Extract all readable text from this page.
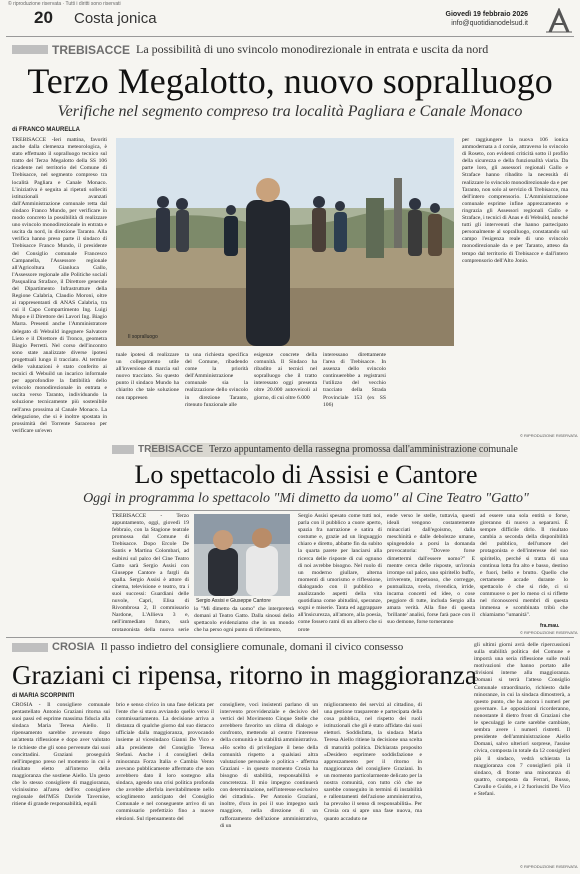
© riproduzione riservata · Tutti i diritti sono riservati
20 Costa jonica	Giovedì 19 febbraio 2026
info@quotidianodelsud.it
TREBISACCE La possibilità di uno svincolo monodirezionale in entrata e uscita da nord
Terzo Megalotto, nuovo sopralluogo
Verifiche nel segmento compreso tra località Pagliara e Canale Monaco
di FRANCO MAURELLA
TREBISACCE -Ieri mattina, favoriti anche dalla clemenza meteorologica, è stato effettuato il sopralluogo tecnico sul tratto del Terzo Megalotto della SS 106 ricadente nel territorio del Comune di Trebisacce, nel segmento compreso tra località Pagliara e Canale Monaco. L'iniziativa è seguita ai ripetuti solleciti istituzionali avanzati dall'Amministrazione comunale retta dal sindaco Franco Mundo, per verificare in modo concreto la possibilità di realizzare uno svincolo monodirezionale in entrata e uscita da nord, in direzione Taranto. Alla verifica hanno preso parte il sindaco di Trebisacce Franco Mundo, il presidente del Consiglio comunale Francesco Campanella, l'Assessore regionale all'Agricoltura Gianluca Gallo, l'Assessore regionale alle Politiche sociali Pasqualina Straface, il Direttore generale del Dipartimento Infrastrutture della Regione Calabria, Claudio Moroni, oltre ai rappresentanti di ANAS Calabria, tra cui il Capo Compartimento Ing. Luigi Mupo e il Direttore dei Lavori Ing. Biagio Marra. Presenti anche l'Amministratore delegato di Webuild ingegnere Salvatore Lieto e il Direttore di Tronco, geometra Biagio Perretti. Nel corso dell'incontro sono state analizzate diverse ipotesi progettuali lungo il tracciato. Al termine delle valutazioni è stato conferito ai tecnici di Webuild un incarico informale per approfondire la fattibilità dello svincolo monodirezionale in entrata e uscita verso Taranto, individuando la soluzione tecnicamente più sostenibile nell'area prossima al Canale Monaco. La delegazione, che si è inoltre spostata in prossimità del Torrente Saraceno per verificare un'even
Il sopralluogo
tuale ipotesi di realizzare un collegamento utile all'inversione di marcia sul nuovo tracciato. Su questo punto il sindaco Mundo ha chiarito che tale soluzione non rappresen
ta una richiesta specifica del Comune, ribadendo come la priorità dell'Amministrazione comunale sia la realizzazione dello svincolo in direzione Taranto, ritenuto funzionale alle
esigenze concrete della comunità. Il Sindaco ha ribadito ai tecnici nel sopralluogo che il tratto interessato oggi presenta oltre 20.000 autoveicoli al giorno, di cui oltre 6.000
interessano direttamente l'area di Trebisacce. In assenza dello svincolo continuerebbe a registrarsi l'utilizzo del vecchio tracciato della Strada Provinciale 153 (ex SS 106)
per raggiungere la nuova 106 ionica ammodernata a 4 corsie, attraverso lo svincolo di Roseto, con evidenti criticità sotto il profilo della sicurezza e della funzionalità viaria. Da parte loro, gli assessori regionali Gallo e Straface hanno ribadito la necessità di realizzare lo svincolo monodirezionale da e per Taranto, non solo al servizio di Trebisacce, ma dell'intero comprensorio. L'Amministrazione comunale esprime infine apprezzamento e ringrazia gli Assessori regionali Gallo e Straface, i tecnici di Anas e di Webuild, nonché tutti gli intervenuti che hanno partecipato personalmente al sopralluogo, constatando sul campo l'esigenza reale di uno svincolo monodirezionale da e per Taranto, atteso da tempo dal territorio di Trebisacce e dall'intero comprensorio dell'Alto Jonio.
© RIPRODUZIONE RISERVATA
TREBISACCE Terzo appuntamento della rassegna promossa dall'amministrazione comunale
Lo spettacolo di Assisi e Cantore
Oggi in programma lo spettacolo "Mi dimetto da uomo" al Cine Teatro "Gatto"
TREBISACCE - Terzo appuntamento, oggi, giovedì 19 febbraio, con la Stagione teatrale promossa dal Comune di Trebisacce. Dopo Ercole De Santis e Martina Colombari, ad esibirsi sul palco del Cine Teatro Gatto sarà Sergio Assisi con Giuseppe Cantore a fargli da spalla. Sergio Assisi è attore di cinema, televisione e teatro, tra i suoi successi: Guardiani delle nuvole, Capri, Elisa di Rivombrosa 2, Il commissario Nardone, L'Allieva 3 e, nell'immediato futuro, sarà protagonista della nuova serie
Sergio Assisi e Giuseppe Cantore
lo "Mi dimetto da uomo" che interpreterà domani al Teatro Gatto. Dalla sinossi dello spettacolo evidenziamo che in un mondo che ha perso ogni punto di riferimento,
Sergio Assisi spesato come tutti noi, parla con il pubblico a cuore aperto, spazia fra narrazione e satira di costume e, grazie ad un linguaggio chiaro e diretto, abbatte fin da subito la quarta parete per lanciarsi alla ricerca delle risposte di cui ognuno di noi avrebbe bisogno. Nel ruolo di un moderno giullare, alterna momenti di umorismo e riflessione, dialogando con il pubblico e analizzando aspetti della vita quotidiana come abitudini, speranze, sogni e miserie. Tanta ed aggrappare all'insicurezza, all'amore, alla poesia, come fossero rami di un albero che si prote
ende verso le stelle, tuttavia, questi ideali vengono costantemente minacciati dall'egoismo, dalla meschinità e dalle debolezze umane, spingendolo a porsi la domanda provocatoria: "Dovere forse dimettermi dall'essere uomo?" E mentre cerca delle risposte, un'ironia irrompe sul palco, uno spiritello buffo, irriverente, impetuoso, che corregge, puntualizza, svela, rivendica, irride, incarna concetti ed idee, o cose peggiore di tutte, includa Sergio alla amara verità. Alla fine di questa 'brillante' analisi, forse farà pace con il suo demone, forse torneranno
ad essere una sola entità o forse, gireranno di nuovo a separarsi. È sempre difficile dirlo. Il risultato cambia a seconda della disponibilità del pubblico, dell'umore del protagonista e dell'interesse del suo spiritello, perché si tratta di una continua lotta fra alto e basso, destino e fuori, bello e brutto. Quello che certamente accade durante lo spettacolo è che si ride, ci si commuove o per lo meno ci si riflette nel riconoscersi membri di questa immensa e scombinata tribù che chiamiamo "umanità".
fra.mau.
© RIPRODUZIONE RISERVATA
CROSIA Il passo indietro del consigliere comunale, domani il civico consesso
Graziani ci ripensa, ritorno in maggioranza
di MARIA SCORPINITI
CROSIA - Il consigliere comunale pentastellato Antonio Graziani ritorna sui suoi passi ed esprime massima fiducia alla sindaca Maria Teresa Aiello. Il ripensamento sarebbe avvenuto dopo un'attenta riflessione e dopo aver valutato le richieste che gli sono pervenute dai suoi concittadini. Graziani proseguirà nell'impegno preso nel momento in cui è risultato eletto all'interno della maggioranza che sostiene Aiello. Un gesto che lo stesso consigliere di maggioranza, vicinissimo all'area dell'ex consigliere regionale dell'M5S Davide Tavernise, ritiene di grande responsabilità, equili
brio e senso civico in una fase delicata per l'ente che si stava avviando quello verso il commissariamento. La decisione arriva a distanza di qualche giorno dal suo distacco ufficiale dalla maggioranza, provocando insieme al vicesindaco Gianni De Vico e alla presidente del Consiglio Teresa Stefani. Anche i 4 consiglieri della minoranza Forza Italia e Cambia Vento avevano pubblicamente affermato che non avrebbero dato il loro sostegno alla sindaca, agendo una crisi politica profonda che avrebbe aferfola inevitabilmente nello scioglimento anticipato del Consiglio Comunale e nel conseguente arrivo di un commissario prefettizio fino a nuove elezioni. Sul ripensamento del
consigliere, voci insistenti parlano di un intervento provvidenziale e decisivo del vertici del Movimento Cinque Stelle che avrebbero favorito un clima di dialogo e confronto, mettendo al centro l'interesse della comunità e la stabilità amministrativa. «Ho scelto di privilegiare il bene della comunità rispetto a qualsiasi altra valutazione personale o politica - afferma Graziani - in questo momento Crosia ha bisogno di stabilità, responsabilità e concretezza. Il mio impegno continuerà con determinazione, nell'interesse esclusivo dei cittadini». Per Antonio Graziani, inoltre, d'ora in poi il suo impegno sarà maggiore, nella direzione di un rafforzamento dell'azione amministrativa, di un
miglioramento dei servizi al cittadino, di una gestione trasparente e partecipata della cosa pubblica, nel rispetto dei ruoli istituzionali che gli è stato affidato dai suoi elettori. Soddisfatta, la sindaca Maria Teresa Aiello ritiene la decisione una scelta di maturità politica. Dichiarata proposito «Desidero esprimere soddisfazione e apprezzamento per il ritorno in maggioranza del consigliere Graziani. In un momento particolarmente delicato per la nostra comunità, con tutto ciò che ne sarebbe conseguito in termini di instabilità e rallentamenti dell'azione amministrativa, ha prevalso il senso di responsabilità». Per Crosia ora si apre una fase nuova, ma quanto accaduto ne
gli ultimi giorni avrà delle ripercussioni sulla stabilità politica del Comune e imporrà una seria riflessione sulle reali motivazioni che hanno portato alle divisioni interne alla maggioranza. Domani si terrà l'atteso Consiglio Comunale straordinario, richiesto dalle minoranze, in cui la sindaca dimostrerà, a questo punto, che ha ancora i numeri per governare. Le opposizioni ricorderanno, nonostante il dietro front di Graziani che le speculaggi le carte sarebbe cambiate, sembra avere i numeri ristretti. Il presidente dell'amministrazione Aiello Domani, salvo ulteriori sorprese, l'assise civica, composta in totale da 12 consiglieri più il sindaco, vedrà schierata la maggioranza con 7 consiglieri più il sindaco, di fronte una minoranza di quattro, composta da Ferrari, Russo, Cavallo e Guido, e i 2 fuoriusciti De Vico e Stefani.
© RIPRODUZIONE RISERVATA
